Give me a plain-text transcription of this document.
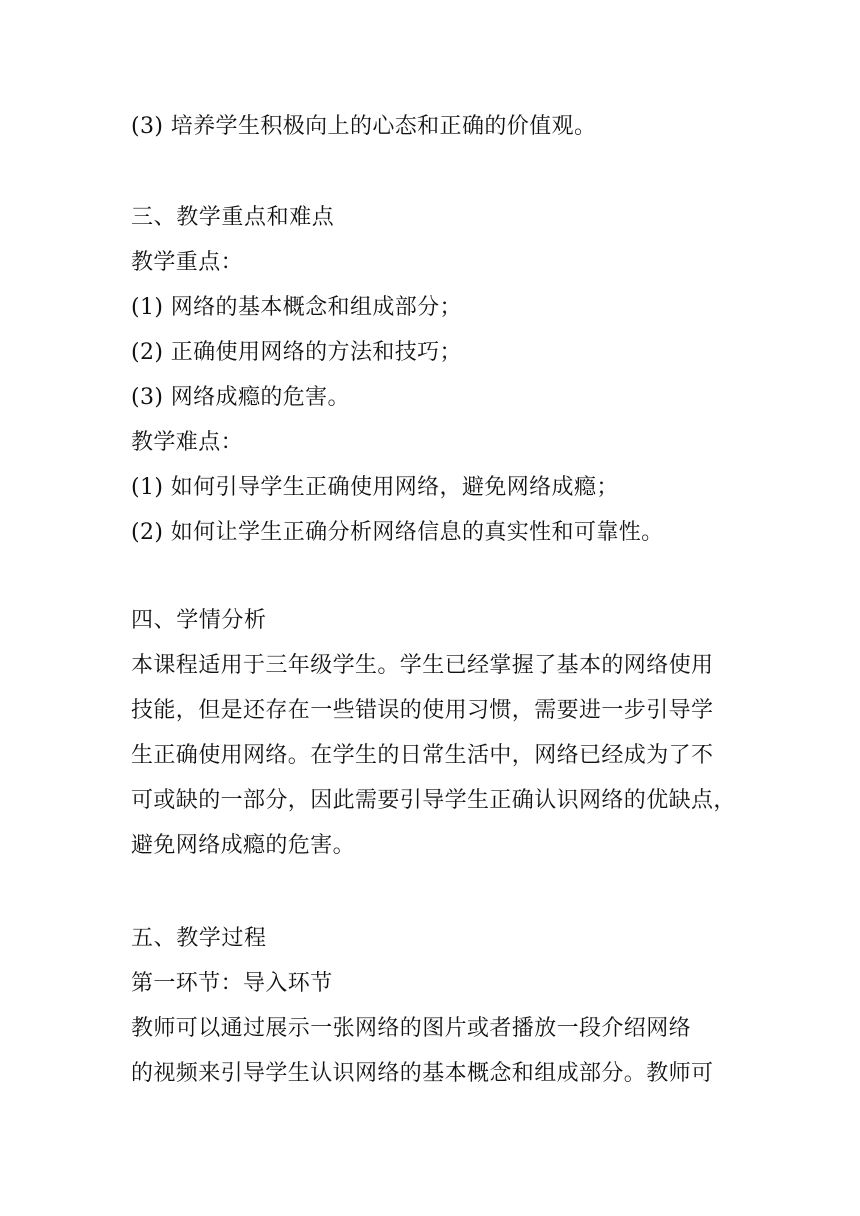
(3) 培养学生积极向上的心态和正确的价值观。
三、教学重点和难点
教学重点：
(1) 网络的基本概念和组成部分；
(2) 正确使用网络的方法和技巧；
(3) 网络成瘾的危害。
教学难点：
(1) 如何引导学生正确使用网络，避免网络成瘾；
(2) 如何让学生正确分析网络信息的真实性和可靠性。
四、学情分析
本课程适用于三年级学生。学生已经掌握了基本的网络使用
技能，但是还存在一些错误的使用习惯，需要进一步引导学
生正确使用网络。在学生的日常生活中，网络已经成为了不
可或缺的一部分，因此需要引导学生正确认识网络的优缺点，
避免网络成瘾的危害。
五、教学过程
第一环节：导入环节
教师可以通过展示一张网络的图片或者播放一段介绍网络
的视频来引导学生认识网络的基本概念和组成部分。教师可
